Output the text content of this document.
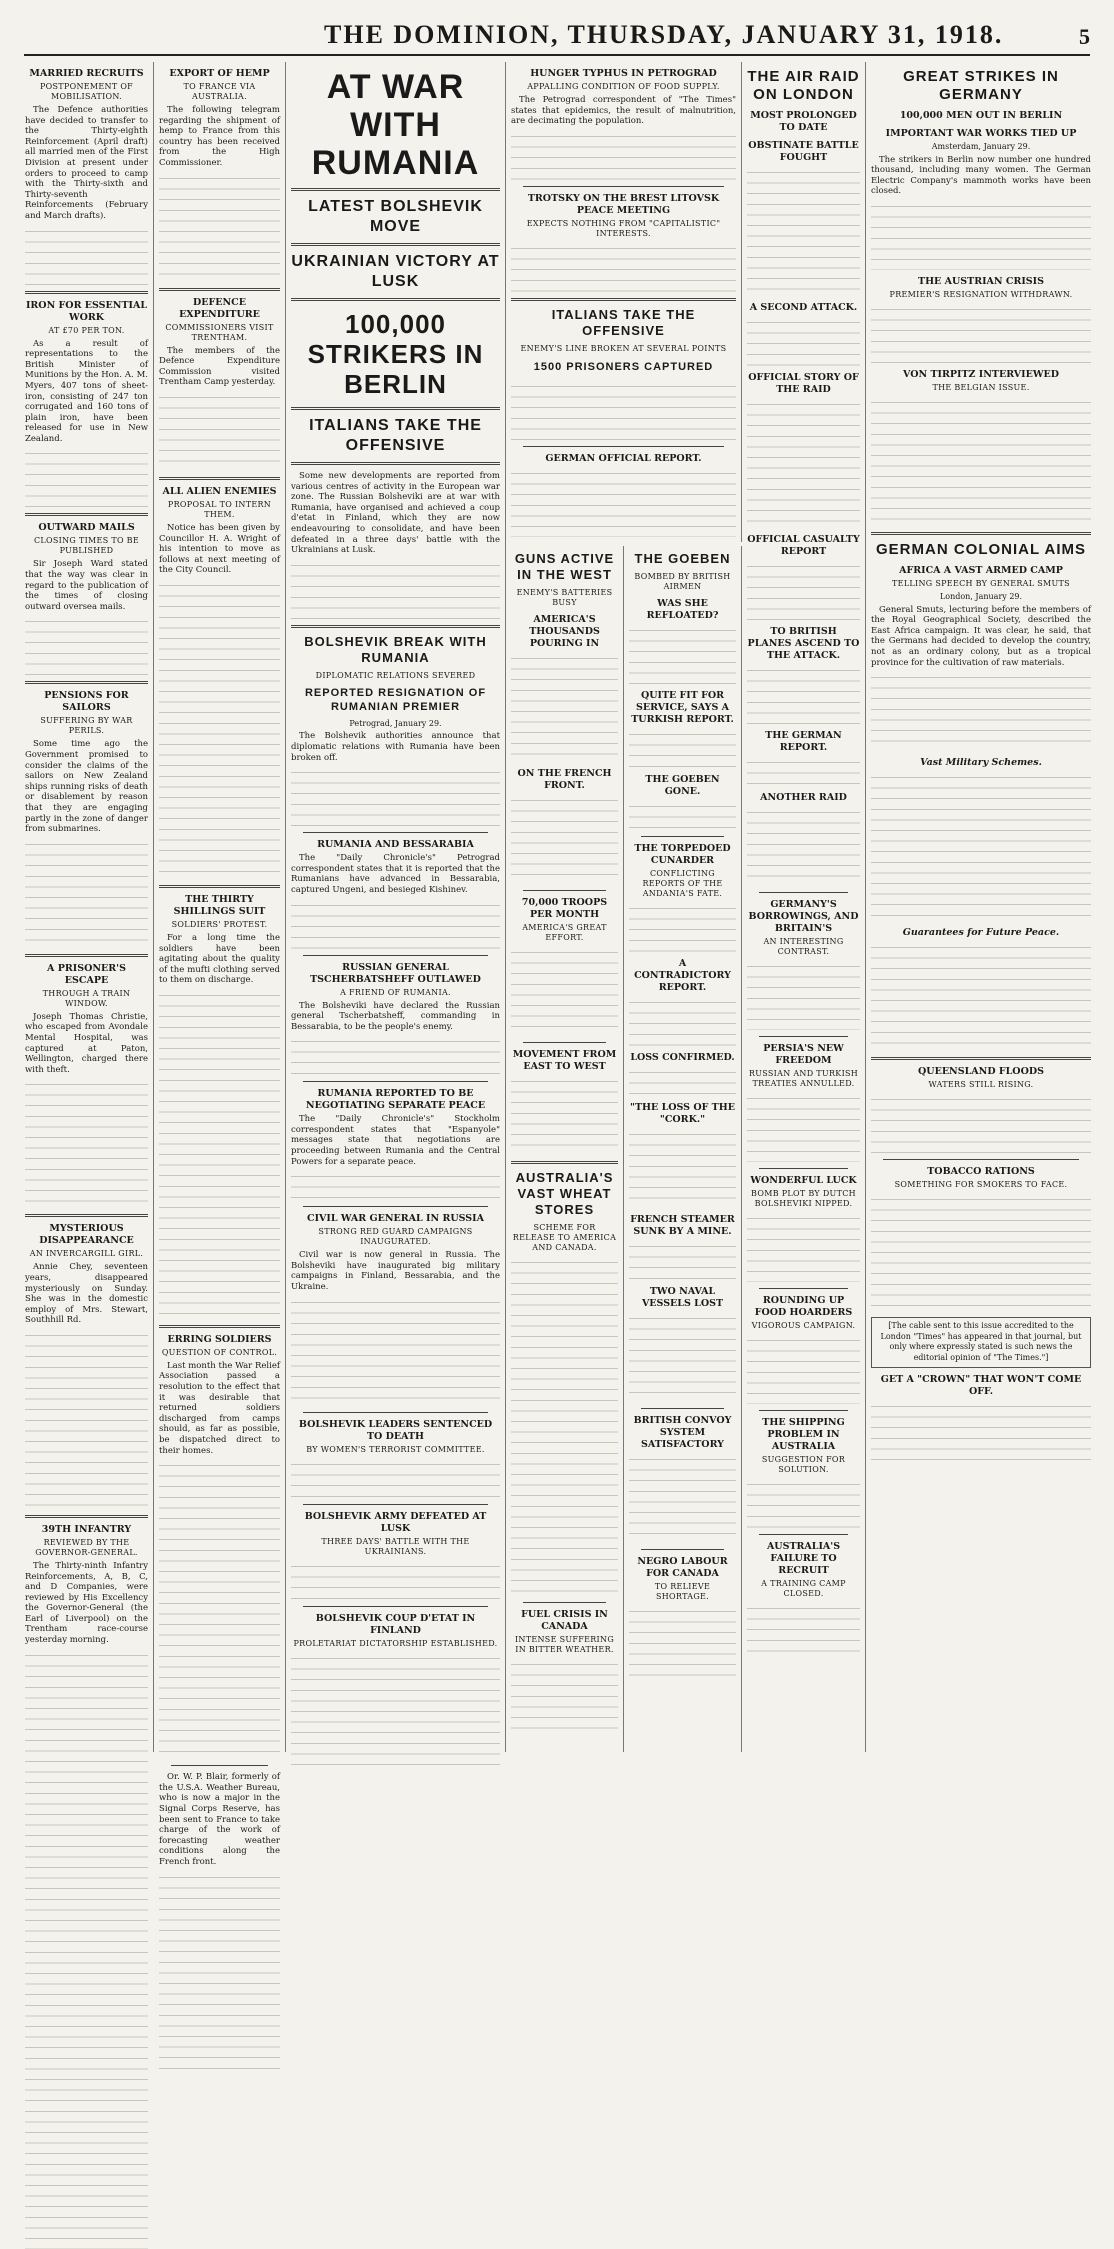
THE DOMINION, THURSDAY, JANUARY 31, 1918.	5
MARRIED RECRUITS
POSTPONEMENT OF MOBILISATION.

The Defence authorities have decided to transfer to the Thirty-eighth Reinforcement (April draft) all married men of the First Division at present under orders to proceed to camp with the Thirty-sixth and Thirty-seventh Reinforcements (February and March drafts).

IRON FOR ESSENTIAL WORK
AT £70 PER TON.

As a result of representations to the British Minister of Munitions by the Hon. A. M. Myers, 407 tons of sheet-iron, consisting of 247 ton corrugated and 160 tons of plain iron, have been released for use in New Zealand.

OUTWARD MAILS
CLOSING TIMES TO BE PUBLISHED

Sir Joseph Ward stated that the way was clear in regard to the publication of the times of closing outward oversea mails.

PENSIONS FOR SAILORS
SUFFERING BY WAR PERILS.

Some time ago the Government promised to consider the claims of the sailors on New Zealand ships running risks of death or disablement by reason that they are engaging partly in the zone of danger from submarines.

A PRISONER'S ESCAPE
THROUGH A TRAIN WINDOW.

Joseph Thomas Christie, who escaped from Avondale Mental Hospital, was captured at Paton, Wellington, charged there with theft.

MYSTERIOUS DISAPPEARANCE
AN INVERCARGILL GIRL.

Annie Chey, seventeen years, disappeared mysteriously on Sunday. She was in the domestic employ of Mrs. Stewart, Southhill Rd.

39TH INFANTRY
REVIEWED BY THE GOVERNOR-GENERAL.

The Thirty-ninth Infantry Reinforcements, A, B, C, and D Companies, were reviewed by His Excellency the Governor-General (the Earl of Liverpool) on the Trentham race-course yesterday morning.

EXPORT OF HEMP
TO FRANCE VIA AUSTRALIA.

The following telegram regarding the shipment of hemp to France from this country has been received from the High Commissioner.

DEFENCE EXPENDITURE
COMMISSIONERS VISIT TRENTHAM.

The members of the Defence Expenditure Commission visited Trentham Camp yesterday.

ALL ALIEN ENEMIES
PROPOSAL TO INTERN THEM.

Notice has been given by Councillor H. A. Wright of his intention to move as follows at next meeting of the City Council.

THE THIRTY SHILLINGS SUIT
SOLDIERS' PROTEST.

For a long time the soldiers have been agitating about the quality of the mufti clothing served to them on discharge.

ERRING SOLDIERS
QUESTION OF CONTROL.

Last month the War Relief Association passed a resolution to the effect that it was desirable that returned soldiers discharged from camps should, as far as possible, be dispatched direct to their homes.

Or. W. P. Blair, formerly of the U.S.A. Weather Bureau, who is now a major in the Signal Corps Reserve, has been sent to France to take charge of the work of forecasting weather conditions along the French front.

AT WAR WITH RUMANIA
LATEST BOLSHEVIK MOVE
UKRAINIAN VICTORY AT LUSK
100,000 STRIKERS IN BERLIN
ITALIANS TAKE THE OFFENSIVE

Some new developments are reported from various centres of activity in the European war zone. The Russian Bolsheviki are at war with Rumania, have organised and achieved a coup d'etat in Finland, which they are now endeavouring to consolidate, and have been defeated in a three days' battle with the Ukrainians at Lusk.

BOLSHEVIK BREAK WITH RUMANIA
DIPLOMATIC RELATIONS SEVERED
REPORTED RESIGNATION OF RUMANIAN PREMIER
Petrograd, January 29.

The Bolshevik authorities announce that diplomatic relations with Rumania have been broken off.

RUMANIA AND BESSARABIA

The "Daily Chronicle's" Petrograd correspondent states that it is reported that the Rumanians have advanced in Bessarabia, captured Ungeni, and besieged Kishinev.

RUSSIAN GENERAL TSCHERBATSHEFF OUTLAWED
A FRIEND OF RUMANIA.

The Bolsheviki have declared the Russian general Tscherbatsheff, commanding in Bessarabia, to be the people's enemy.

RUMANIA REPORTED TO BE NEGOTIATING SEPARATE PEACE

The "Daily Chronicle's" Stockholm correspondent states that "Espanyole" messages state that negotiations are proceeding between Rumania and the Central Powers for a separate peace.

CIVIL WAR GENERAL IN RUSSIA
STRONG RED GUARD CAMPAIGNS INAUGURATED.

Civil war is now general in Russia. The Bolsheviki have inaugurated big military campaigns in Finland, Bessarabia, and the Ukraine.

BOLSHEVIK LEADERS SENTENCED TO DEATH
BY WOMEN'S TERRORIST COMMITTEE.
BOLSHEVIK ARMY DEFEATED AT LUSK
THREE DAYS' BATTLE WITH THE UKRAINIANS.
BOLSHEVIK COUP D'ETAT IN FINLAND
PROLETARIAT DICTATORSHIP ESTABLISHED.
HUNGER TYPHUS IN PETROGRAD
APPALLING CONDITION OF FOOD SUPPLY.

The Petrograd correspondent of "The Times" states that epidemics, the result of malnutrition, are decimating the population.

TROTSKY ON THE BREST LITOVSK PEACE MEETING
EXPECTS NOTHING FROM "CAPITALISTIC" INTERESTS.
ITALIANS TAKE THE OFFENSIVE
ENEMY'S LINE BROKEN AT SEVERAL POINTS
1500 PRISONERS CAPTURED
GERMAN OFFICIAL REPORT.
GUNS ACTIVE IN THE WEST
ENEMY'S BATTERIES BUSY
AMERICA'S THOUSANDS POURING IN
ON THE FRENCH FRONT.
70,000 TROOPS PER MONTH
AMERICA'S GREAT EFFORT.
MOVEMENT FROM EAST TO WEST
AUSTRALIA'S VAST WHEAT STORES
SCHEME FOR RELEASE TO AMERICA AND CANADA.
FUEL CRISIS IN CANADA
INTENSE SUFFERING IN BITTER WEATHER.
THE GOEBEN
BOMBED BY BRITISH AIRMEN
WAS SHE REFLOATED?
QUITE FIT FOR SERVICE, SAYS A TURKISH REPORT.
THE GOEBEN GONE.
THE TORPEDOED CUNARDER
CONFLICTING REPORTS OF THE ANDANIA'S FATE.
A CONTRADICTORY REPORT.
LOSS CONFIRMED.
"THE LOSS OF THE "CORK."
FRENCH STEAMER SUNK BY A MINE.
TWO NAVAL VESSELS LOST
BRITISH CONVOY SYSTEM SATISFACTORY
NEGRO LABOUR FOR CANADA
TO RELIEVE SHORTAGE.
THE AIR RAID ON LONDON
MOST PROLONGED TO DATE
OBSTINATE BATTLE FOUGHT
A SECOND ATTACK.
OFFICIAL STORY OF THE RAID
OFFICIAL CASUALTY REPORT
TO BRITISH PLANES ASCEND TO THE ATTACK.
THE GERMAN REPORT.
ANOTHER RAID
GERMANY'S BORROWINGS, AND BRITAIN'S
AN INTERESTING CONTRAST.
PERSIA'S NEW FREEDOM
RUSSIAN AND TURKISH TREATIES ANNULLED.
WONDERFUL LUCK
BOMB PLOT BY DUTCH BOLSHEVIKI NIPPED.
ROUNDING UP FOOD HOARDERS
VIGOROUS CAMPAIGN.
THE SHIPPING PROBLEM IN AUSTRALIA
SUGGESTION FOR SOLUTION.
AUSTRALIA'S FAILURE TO RECRUIT
A TRAINING CAMP CLOSED.
GREAT STRIKES IN GERMANY
100,000 MEN OUT IN BERLIN
IMPORTANT WAR WORKS TIED UP
Amsterdam, January 29.

The strikers in Berlin now number one hundred thousand, including many women. The German Electric Company's mammoth works have been closed.

THE AUSTRIAN CRISIS
PREMIER'S RESIGNATION WITHDRAWN.
VON TIRPITZ INTERVIEWED
THE BELGIAN ISSUE.
GERMAN COLONIAL AIMS
AFRICA A VAST ARMED CAMP
TELLING SPEECH BY GENERAL SMUTS
London, January 29.

General Smuts, lecturing before the members of the Royal Geographical Society, described the East Africa campaign. It was clear, he said, that the Germans had decided to develop the country, not as an ordinary colony, but as a tropical province for the cultivation of raw materials.

Vast Military Schemes.
Guarantees for Future Peace.
QUEENSLAND FLOODS
WATERS STILL RISING.
TOBACCO RATIONS
SOMETHING FOR SMOKERS TO FACE.
[The cable sent to this issue accredited to the London "Times" has appeared in that journal, but only where expressly stated is such news the editorial opinion of "The Times."]
GET A "CROWN" THAT WON'T COME OFF.
